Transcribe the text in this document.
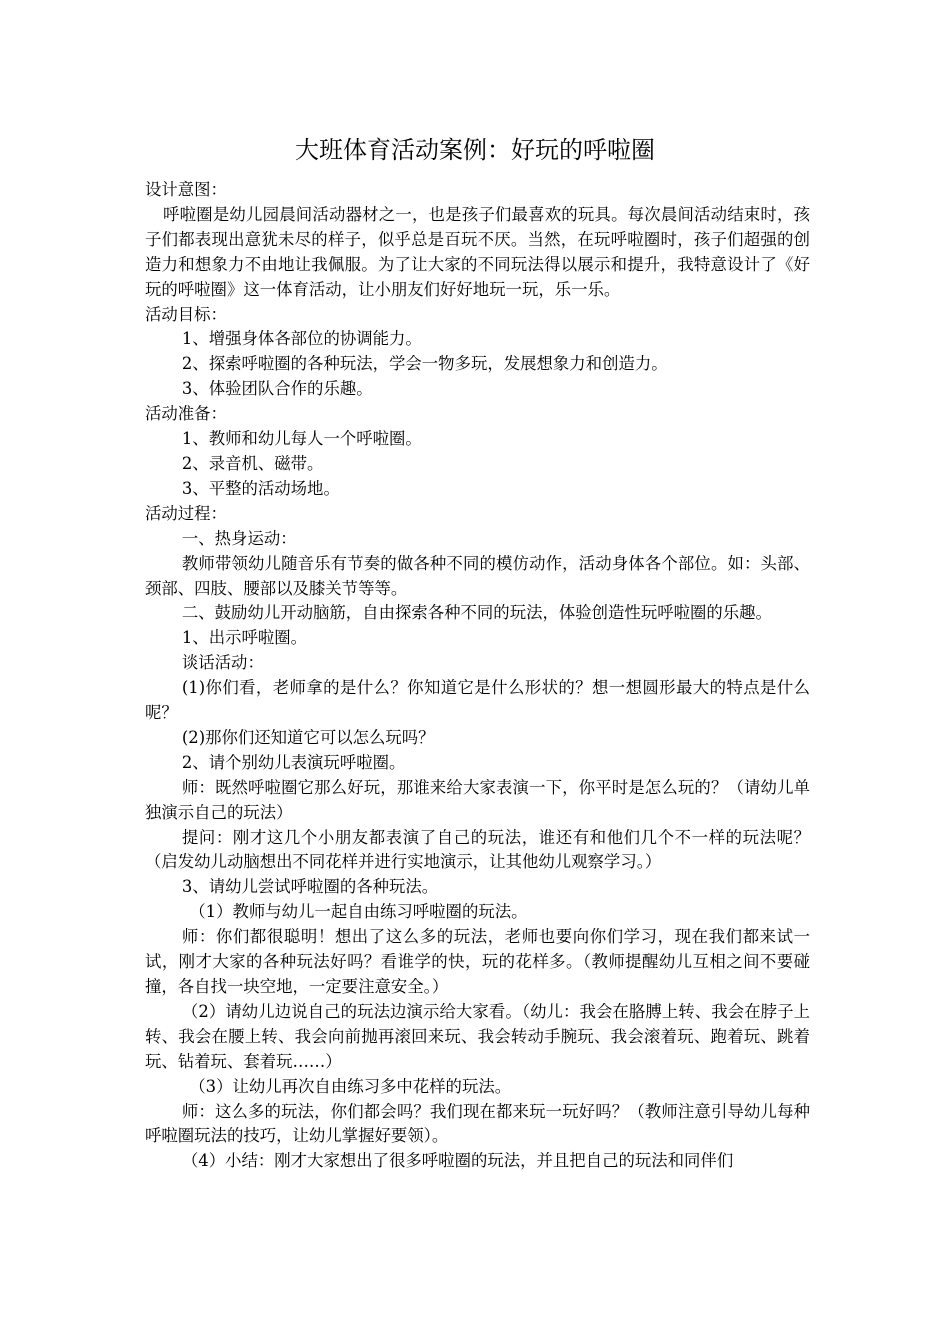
大班体育活动案例：好玩的呼啦圈

设计意图：

呼啦圈是幼儿园晨间活动器材之一，也是孩子们最喜欢的玩具。每次晨间活动结束时，孩子们都表现出意犹未尽的样子，似乎总是百玩不厌。当然，在玩呼啦圈时，孩子们超强的创造力和想象力不由地让我佩服。为了让大家的不同玩法得以展示和提升，我特意设计了《好玩的呼啦圈》这一体育活动，让小朋友们好好地玩一玩，乐一乐。

活动目标：

1、增强身体各部位的协调能力。

2、探索呼啦圈的各种玩法，学会一物多玩，发展想象力和创造力。

3、体验团队合作的乐趣。

活动准备：

1、教师和幼儿每人一个呼啦圈。

2、录音机、磁带。

3、平整的活动场地。

活动过程：

一、热身运动：

教师带领幼儿随音乐有节奏的做各种不同的模仿动作，活动身体各个部位。如：头部、颈部、四肢、腰部以及膝关节等等。

二、鼓励幼儿开动脑筋，自由探索各种不同的玩法，体验创造性玩呼啦圈的乐趣。

1、出示呼啦圈。

谈话活动：

(1)你们看，老师拿的是什么？你知道它是什么形状的？想一想圆形最大的特点是什么呢？

(2)那你们还知道它可以怎么玩吗？

2、请个别幼儿表演玩呼啦圈。

师：既然呼啦圈它那么好玩，那谁来给大家表演一下，你平时是怎么玩的？（请幼儿单独演示自己的玩法）

提问：刚才这几个小朋友都表演了自己的玩法，谁还有和他们几个不一样的玩法呢？（启发幼儿动脑想出不同花样并进行实地演示，让其他幼儿观察学习。）

3、请幼儿尝试呼啦圈的各种玩法。

（1）教师与幼儿一起自由练习呼啦圈的玩法。

师：你们都很聪明！想出了这么多的玩法，老师也要向你们学习，现在我们都来试一试，刚才大家的各种玩法好吗？看谁学的快，玩的花样多。（教师提醒幼儿互相之间不要碰撞，各自找一块空地，一定要注意安全。）

（2）请幼儿边说自己的玩法边演示给大家看。（幼儿：我会在胳膊上转、我会在脖子上转、我会在腰上转、我会向前抛再滚回来玩、我会转动手腕玩、我会滚着玩、跑着玩、跳着玩、钻着玩、套着玩……）

（3）让幼儿再次自由练习多中花样的玩法。

师：这么多的玩法，你们都会吗？我们现在都来玩一玩好吗？（教师注意引导幼儿每种呼啦圈玩法的技巧，让幼儿掌握好要领）。

（4）小结：刚才大家想出了很多呼啦圈的玩法，并且把自己的玩法和同伴们
